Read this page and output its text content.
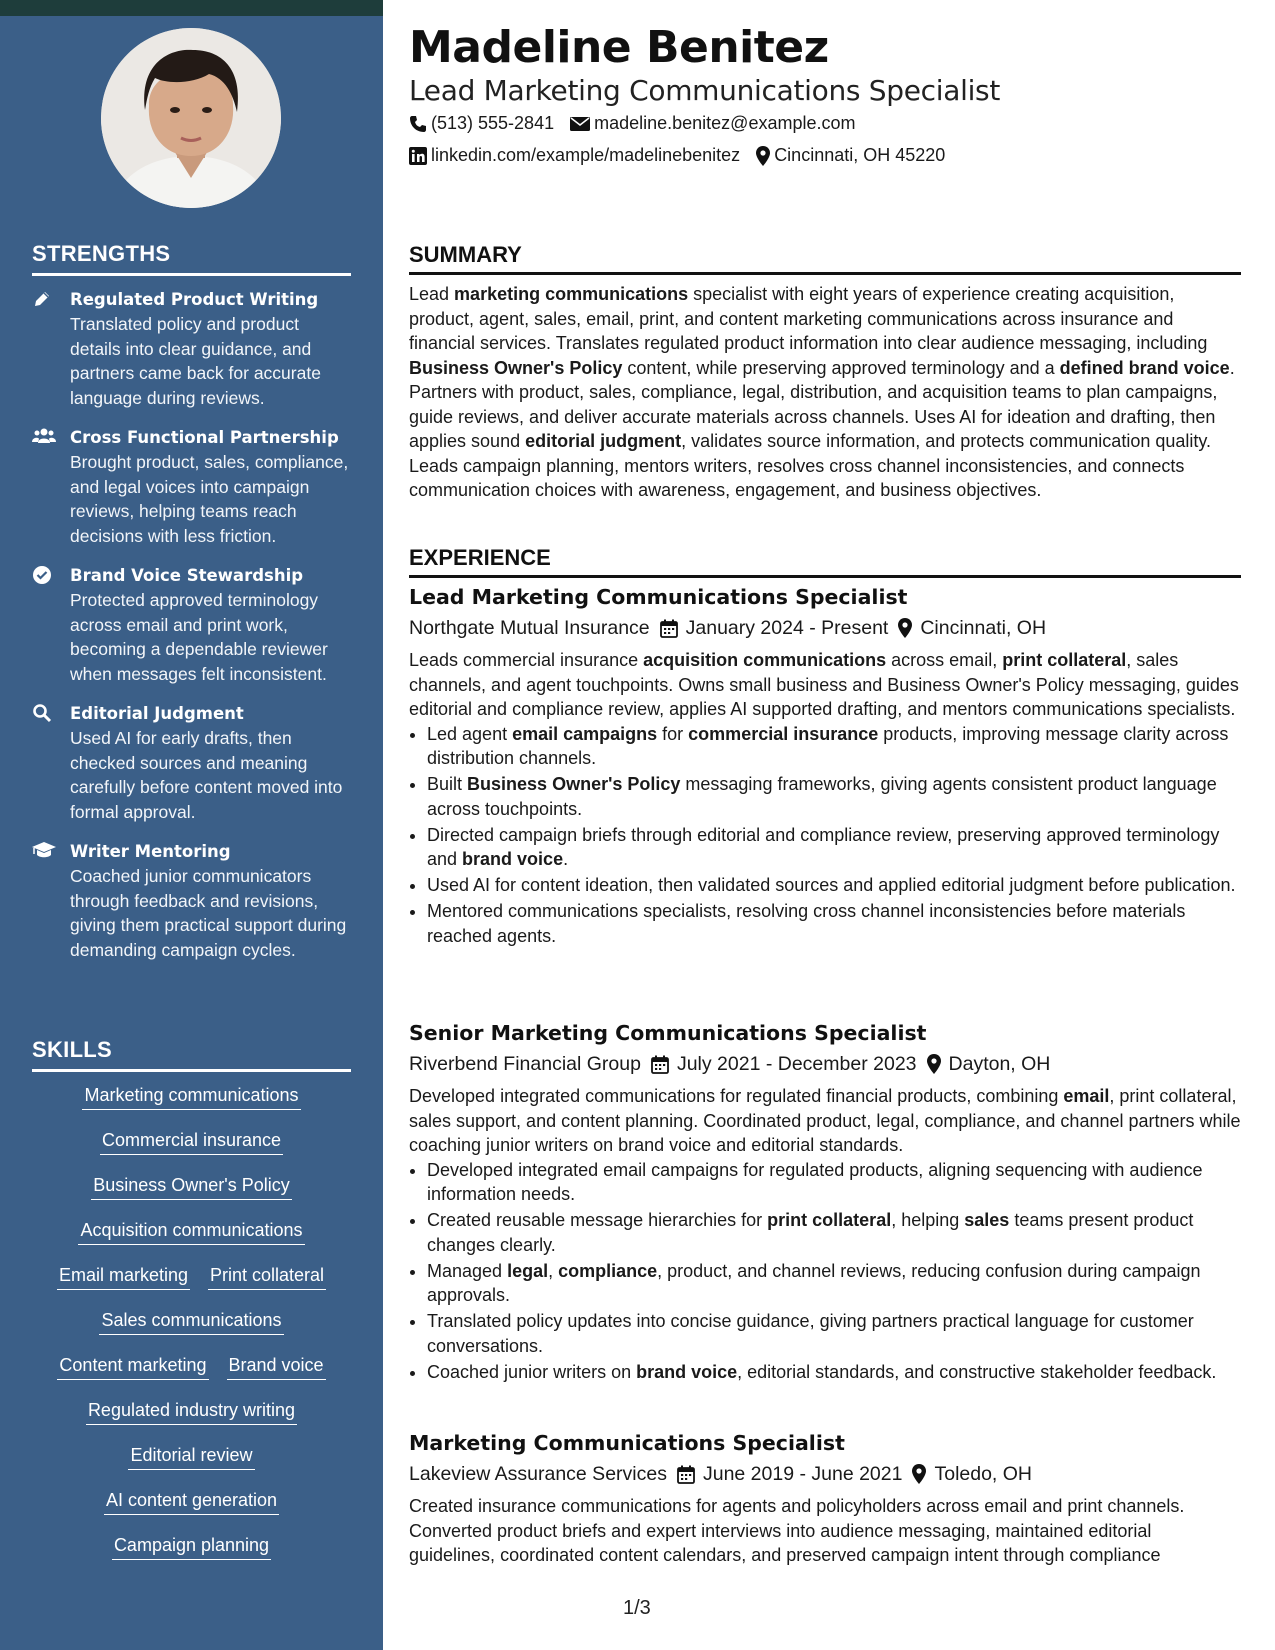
STRENGTHS
Regulated Product Writing
Translated policy and product details into clear guidance, and partners came back for accurate language during reviews.
Cross Functional Partnership
Brought product, sales, compliance, and legal voices into campaign reviews, helping teams reach decisions with less friction.
Brand Voice Stewardship
Protected approved terminology across email and print work, becoming a dependable reviewer when messages felt inconsistent.
Editorial Judgment
Used AI for early drafts, then checked sources and meaning carefully before content moved into formal approval.
Writer Mentoring
Coached junior communicators through feedback and revisions, giving them practical support during demanding campaign cycles.
SKILLS
Marketing communications
Commercial insurance
Business Owner's Policy
Acquisition communications
Email marketing Print collateral
Sales communications
Content marketing Brand voice
Regulated industry writing
Editorial review
AI content generation
Campaign planning
Madeline Benitez
Lead Marketing Communications Specialist
(513) 555-2841 madeline.benitez@example.com
linkedin.com/example/madelinebenitez Cincinnati, OH 45220
SUMMARY
Lead marketing communications specialist with eight years of experience creating acquisition, product, agent, sales, email, print, and content marketing communications across insurance and financial services. Translates regulated product information into clear audience messaging, including Business Owner's Policy content, while preserving approved terminology and a defined brand voice. Partners with product, sales, compliance, legal, distribution, and acquisition teams to plan campaigns, guide reviews, and deliver accurate materials across channels. Uses AI for ideation and drafting, then applies sound editorial judgment, validates source information, and protects communication quality. Leads campaign planning, mentors writers, resolves cross channel inconsistencies, and connects communication choices with awareness, engagement, and business objectives.
EXPERIENCE
Lead Marketing Communications Specialist
Northgate Mutual Insurance January 2024 - Present Cincinnati, OH
Leads commercial insurance acquisition communications across email, print collateral, sales channels, and agent touchpoints. Owns small business and Business Owner's Policy messaging, guides editorial and compliance review, applies AI supported drafting, and mentors communications specialists.
• Led agent email campaigns for commercial insurance products, improving message clarity across distribution channels.
• Built Business Owner's Policy messaging frameworks, giving agents consistent product language across touchpoints.
• Directed campaign briefs through editorial and compliance review, preserving approved terminology and brand voice.
• Used AI for content ideation, then validated sources and applied editorial judgment before publication.
• Mentored communications specialists, resolving cross channel inconsistencies before materials reached agents.
Senior Marketing Communications Specialist
Riverbend Financial Group July 2021 - December 2023 Dayton, OH
Developed integrated communications for regulated financial products, combining email, print collateral, sales support, and content planning. Coordinated product, legal, compliance, and channel partners while coaching junior writers on brand voice and editorial standards.
• Developed integrated email campaigns for regulated products, aligning sequencing with audience information needs.
• Created reusable message hierarchies for print collateral, helping sales teams present product changes clearly.
• Managed legal, compliance, product, and channel reviews, reducing confusion during campaign approvals.
• Translated policy updates into concise guidance, giving partners practical language for customer conversations.
• Coached junior writers on brand voice, editorial standards, and constructive stakeholder feedback.
Marketing Communications Specialist
Lakeview Assurance Services June 2019 - June 2021 Toledo, OH
Created insurance communications for agents and policyholders across email and print channels. Converted product briefs and expert interviews into audience messaging, maintained editorial guidelines, coordinated content calendars, and preserved campaign intent through compliance
1/3
